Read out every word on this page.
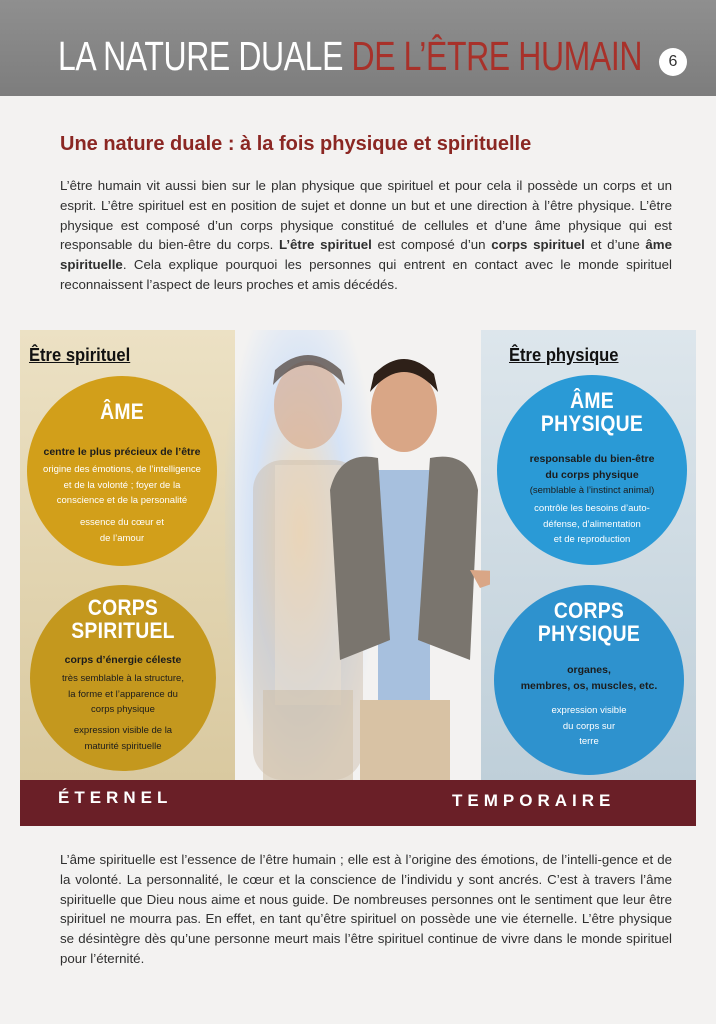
LA NATURE DUALE DE L’ÊTRE HUMAIN	6
Une nature duale : à la fois physique et spirituelle

L’être humain vit aussi bien sur le plan physique que spirituel et pour cela il possède un corps et un esprit. L’être spirituel est en position de sujet et donne un but et une direction à l’être physique. L’être physique est composé d’un corps physique constitué de cellules et d’une âme physique qui est responsable du bien-être du corps. L’être spirituel est composé d’un corps spirituel et d’une âme spirituelle. Cela explique pourquoi les personnes qui entrent en contact avec le monde spirituel reconnaissent l’aspect de leurs proches et amis décédés.

Être spirituel
ÂME
centre le plus précieux de l’être
origine des émotions, de l’intelligence
et de la volonté ; foyer de la
conscience et de la personalité
essence du cœur et
de l’amour
CORPS
SPIRITUEL
corps d’énergie céleste
très semblable à la structure,
la forme et l’apparence du
corps physique
expression visible de la
maturité spirituelle
Être physique
ÂME
PHYSIQUE
responsable du bien-être
du corps physique
(semblable à l’instinct animal)
contrôle les besoins d’auto-
défense, d’alimentation
et de reproduction
CORPS
PHYSIQUE
organes,
membres, os, muscles, etc.
expression visible
du corps sur
terre
ÉTERNEL	TEMPORAIRE

L’âme spirituelle est l’essence de l’être humain ; elle est à l’origine des émotions, de l’intelli-gence et de la volonté. La personnalité, le cœur et la conscience de l’individu y sont ancrés. C’est à travers l’âme spirituelle que Dieu nous aime et nous guide. De nombreuses personnes ont le sentiment que leur être spirituel ne mourra pas. En effet, en tant qu’être spirituel on possède une vie éternelle. L’être physique se désintègre dès qu’une personne meurt mais l’être spirituel continue de vivre dans le monde spirituel pour l’éternité.
